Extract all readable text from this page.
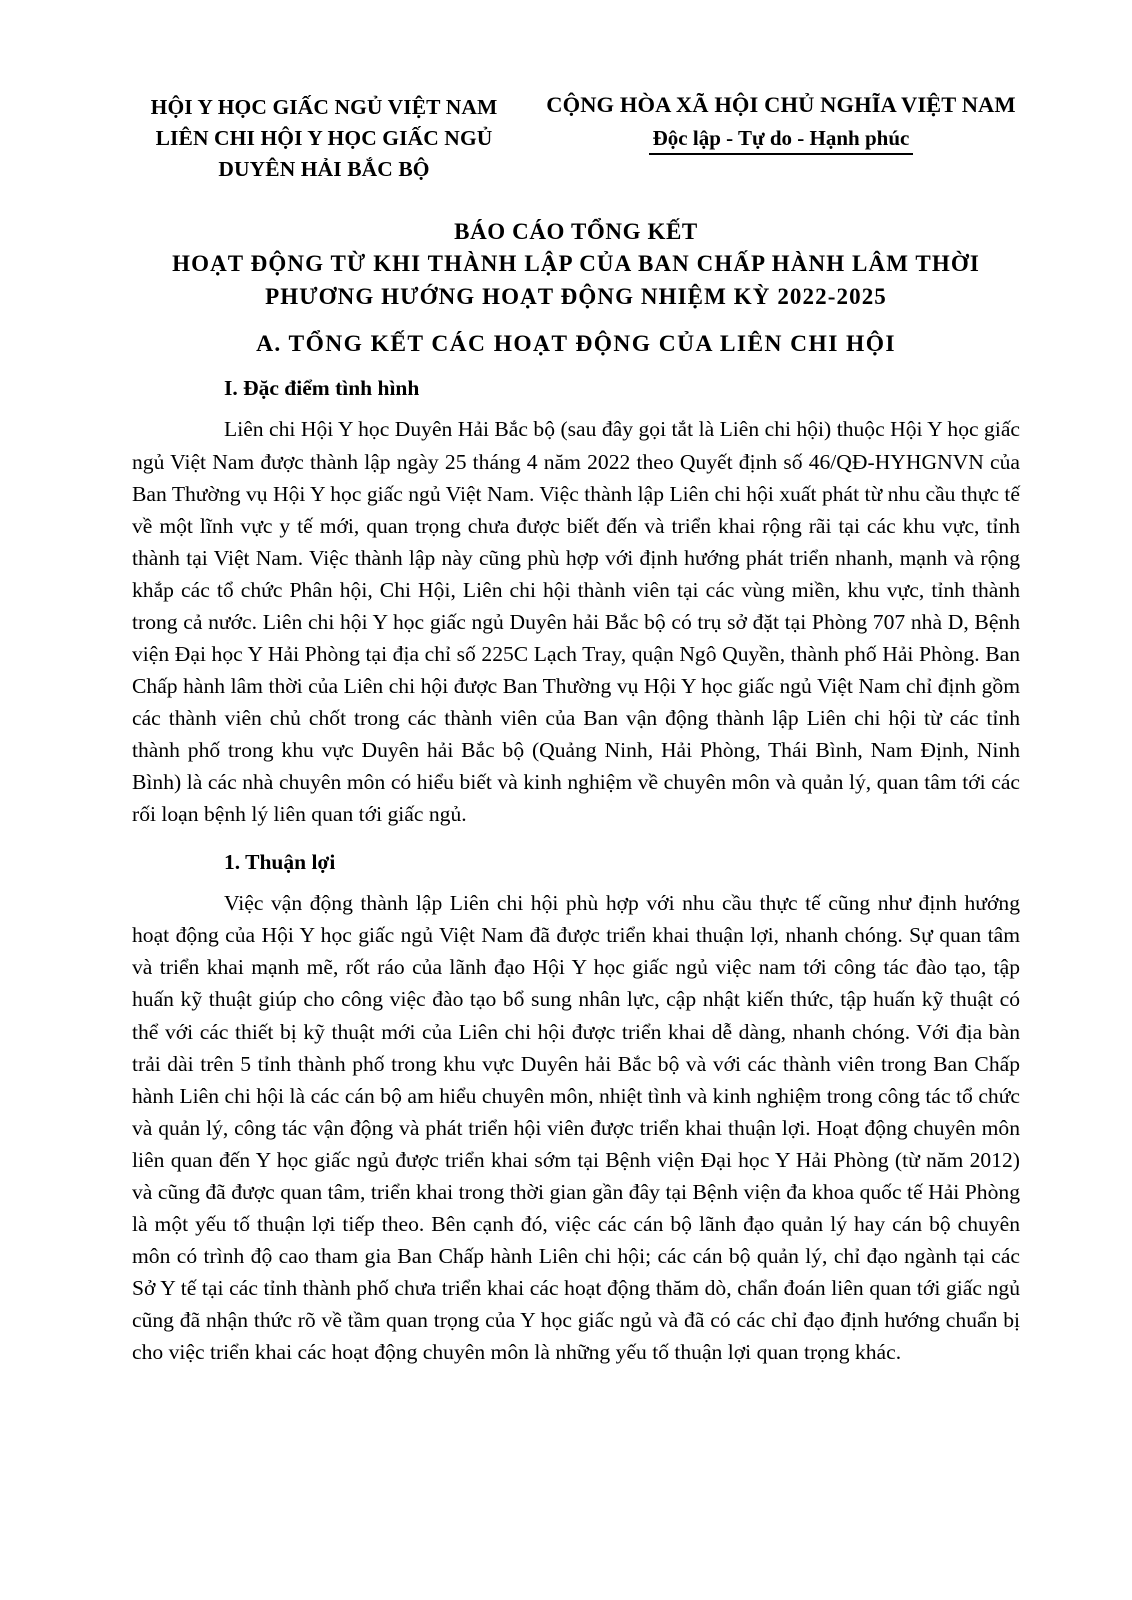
HỘI Y HỌC GIẤC NGỦ VIỆT NAM
LIÊN CHI HỘI Y HỌC GIẤC NGỦ
DUYÊN HẢI BẮC BỘ
CỘNG HÒA XÃ HỘI CHỦ NGHĨA VIỆT NAM
Độc lập - Tự do - Hạnh phúc
BÁO CÁO TỔNG KẾT
HOẠT ĐỘNG TỪ KHI THÀNH LẬP CỦA BAN CHẤP HÀNH LÂM THỜI
PHƯƠNG HƯỚNG HOẠT ĐỘNG NHIỆM KỲ 2022-2025
A. TỔNG KẾT CÁC HOẠT ĐỘNG CỦA LIÊN CHI HỘI
I. Đặc điểm tình hình

Liên chi Hội Y học Duyên Hải Bắc bộ (sau đây gọi tắt là Liên chi hội) thuộc Hội Y học giấc ngủ Việt Nam được thành lập ngày 25 tháng 4 năm 2022 theo Quyết định số 46/QĐ-HYHGNVN của Ban Thường vụ Hội Y học giấc ngủ Việt Nam. Việc thành lập Liên chi hội xuất phát từ nhu cầu thực tế về một lĩnh vực y tế mới, quan trọng chưa được biết đến và triển khai rộng rãi tại các khu vực, tỉnh thành tại Việt Nam. Việc thành lập này cũng phù hợp với định hướng phát triển nhanh, mạnh và rộng khắp các tổ chức Phân hội, Chi Hội, Liên chi hội thành viên tại các vùng miền, khu vực, tỉnh thành trong cả nước. Liên chi hội Y học giấc ngủ Duyên hải Bắc bộ có trụ sở đặt tại Phòng 707 nhà D, Bệnh viện Đại học Y Hải Phòng tại địa chỉ số 225C Lạch Tray, quận Ngô Quyền, thành phố Hải Phòng. Ban Chấp hành lâm thời của Liên chi hội được Ban Thường vụ Hội Y học giấc ngủ Việt Nam chỉ định gồm các thành viên chủ chốt trong các thành viên của Ban vận động thành lập Liên chi hội từ các tỉnh thành phố trong khu vực Duyên hải Bắc bộ (Quảng Ninh, Hải Phòng, Thái Bình, Nam Định, Ninh Bình) là các nhà chuyên môn có hiểu biết và kinh nghiệm về chuyên môn và quản lý, quan tâm tới các rối loạn bệnh lý liên quan tới giấc ngủ.

1. Thuận lợi

Việc vận động thành lập Liên chi hội phù hợp với nhu cầu thực tế cũng như định hướng hoạt động của Hội Y học giấc ngủ Việt Nam đã được triển khai thuận lợi, nhanh chóng. Sự quan tâm và triển khai mạnh mẽ, rốt ráo của lãnh đạo Hội Y học giấc ngủ việc nam tới công tác đào tạo, tập huấn kỹ thuật giúp cho công việc đào tạo bổ sung nhân lực, cập nhật kiến thức, tập huấn kỹ thuật có thể với các thiết bị kỹ thuật mới của Liên chi hội được triển khai dễ dàng, nhanh chóng. Với địa bàn trải dài trên 5 tỉnh thành phố trong khu vực Duyên hải Bắc bộ và với các thành viên trong Ban Chấp hành Liên chi hội là các cán bộ am hiểu chuyên môn, nhiệt tình và kinh nghiệm trong công tác tổ chức và quản lý, công tác vận động và phát triển hội viên được triển khai thuận lợi. Hoạt động chuyên môn liên quan đến Y học giấc ngủ được triển khai sớm tại Bệnh viện Đại học Y Hải Phòng (từ năm 2012) và cũng đã được quan tâm, triển khai trong thời gian gần đây tại Bệnh viện đa khoa quốc tế Hải Phòng là một yếu tố thuận lợi tiếp theo. Bên cạnh đó, việc các cán bộ lãnh đạo quản lý hay cán bộ chuyên môn có trình độ cao tham gia Ban Chấp hành Liên chi hội; các cán bộ quản lý, chỉ đạo ngành tại các Sở Y tế tại các tỉnh thành phố chưa triển khai các hoạt động thăm dò, chẩn đoán liên quan tới giấc ngủ cũng đã nhận thức rõ về tầm quan trọng của Y học giấc ngủ và đã có các chỉ đạo định hướng chuẩn bị cho việc triển khai các hoạt động chuyên môn là những yếu tố thuận lợi quan trọng khác.
